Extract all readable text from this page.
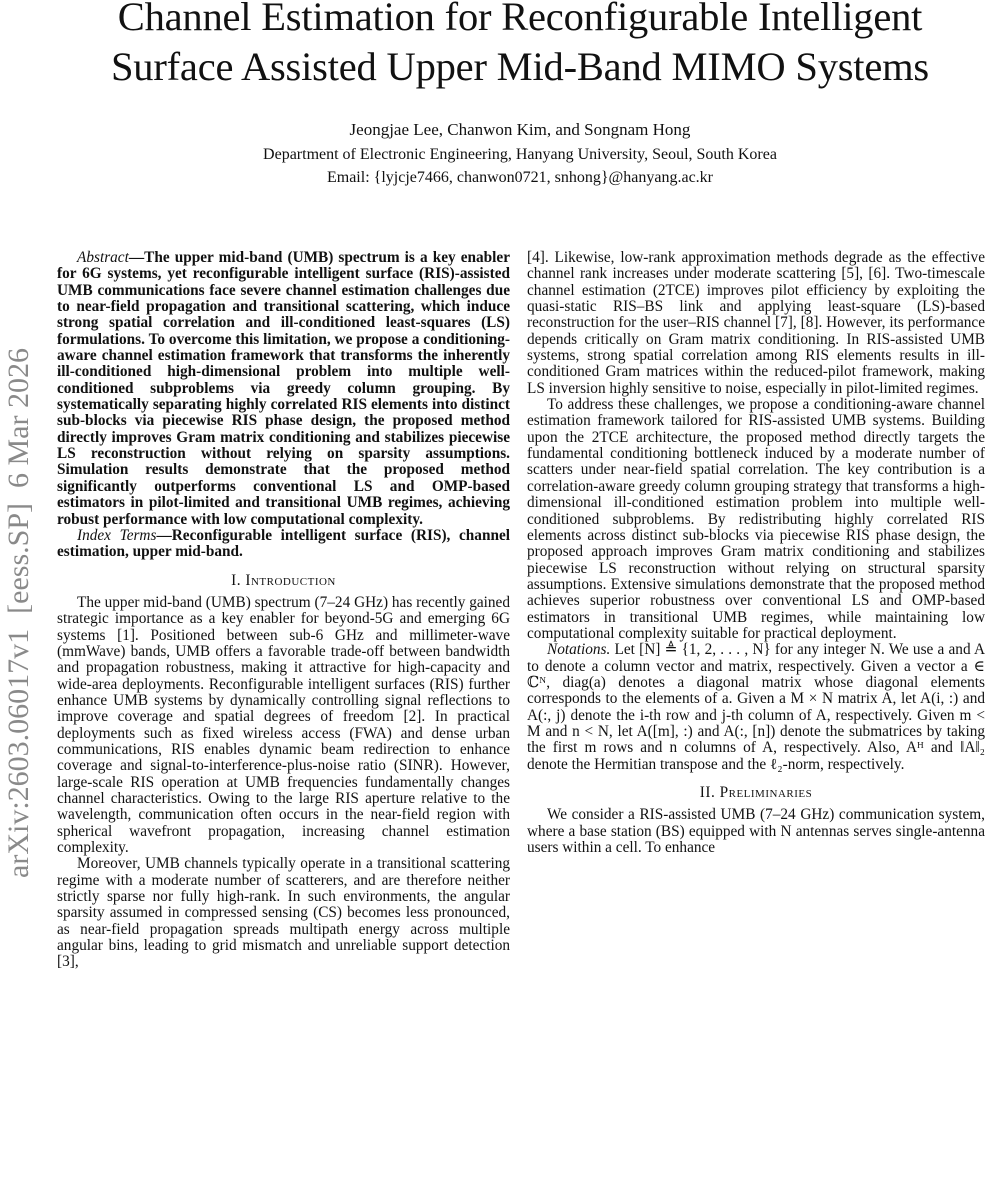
arXiv:2603.06017v1  [eess.SP]  6 Mar 2026
Channel Estimation for Reconfigurable Intelligent
Surface Assisted Upper Mid-Band MIMO Systems
Jeongjae Lee, Chanwon Kim, and Songnam Hong
Department of Electronic Engineering, Hanyang University, Seoul, South Korea
Email: {lyjcje7466, chanwon0721, snhong}@hanyang.ac.kr

Abstract—The upper mid-band (UMB) spectrum is a key enabler for 6G systems, yet reconfigurable intelligent surface (RIS)-assisted UMB communications face severe channel estimation challenges due to near-field propagation and transitional scattering, which induce strong spatial correlation and ill-conditioned least-squares (LS) formulations. To overcome this limitation, we propose a conditioning-aware channel estimation framework that transforms the inherently ill-conditioned high-dimensional problem into multiple well-conditioned subproblems via greedy column grouping. By systematically separating highly correlated RIS elements into distinct sub-blocks via piecewise RIS phase design, the proposed method directly improves Gram matrix conditioning and stabilizes piecewise LS reconstruction without relying on sparsity assumptions. Simulation results demonstrate that the proposed method significantly outperforms conventional LS and OMP-based estimators in pilot-limited and transitional UMB regimes, achieving robust performance with low computational complexity.

Index Terms—Reconfigurable intelligent surface (RIS), channel estimation, upper mid-band.

I. Introduction

The upper mid-band (UMB) spectrum (7–24 GHz) has recently gained strategic importance as a key enabler for beyond-5G and emerging 6G systems [1]. Positioned between sub-6 GHz and millimeter-wave (mmWave) bands, UMB offers a favorable trade-off between bandwidth and propagation robustness, making it attractive for high-capacity and wide-area deployments. Reconfigurable intelligent surfaces (RIS) further enhance UMB systems by dynamically controlling signal reflections to improve coverage and spatial degrees of freedom [2]. In practical deployments such as fixed wireless access (FWA) and dense urban communications, RIS enables dynamic beam redirection to enhance coverage and signal-to-interference-plus-noise ratio (SINR). However, large-scale RIS operation at UMB frequencies fundamentally changes channel characteristics. Owing to the large RIS aperture relative to the wavelength, communication often occurs in the near-field region with spherical wavefront propagation, increasing channel estimation complexity.

Moreover, UMB channels typically operate in a transitional scattering regime with a moderate number of scatterers, and are therefore neither strictly sparse nor fully high-rank. In such environments, the angular sparsity assumed in compressed sensing (CS) becomes less pronounced, as near-field propagation spreads multipath energy across multiple angular bins, leading to grid mismatch and unreliable support detection [3],

[4]. Likewise, low-rank approximation methods degrade as the effective channel rank increases under moderate scattering [5], [6]. Two-timescale channel estimation (2TCE) improves pilot efficiency by exploiting the quasi-static RIS–BS link and applying least-square (LS)-based reconstruction for the user–RIS channel [7], [8]. However, its performance depends critically on Gram matrix conditioning. In RIS-assisted UMB systems, strong spatial correlation among RIS elements results in ill-conditioned Gram matrices within the reduced-pilot framework, making LS inversion highly sensitive to noise, especially in pilot-limited regimes.

To address these challenges, we propose a conditioning-aware channel estimation framework tailored for RIS-assisted UMB systems. Building upon the 2TCE architecture, the proposed method directly targets the fundamental conditioning bottleneck induced by a moderate number of scatters under near-field spatial correlation. The key contribution is a correlation-aware greedy column grouping strategy that transforms a high-dimensional ill-conditioned estimation problem into multiple well-conditioned subproblems. By redistributing highly correlated RIS elements across distinct sub-blocks via piecewise RIS phase design, the proposed approach improves Gram matrix conditioning and stabilizes piecewise LS reconstruction without relying on structural sparsity assumptions. Extensive simulations demonstrate that the proposed method achieves superior robustness over conventional LS and OMP-based estimators in transitional UMB regimes, while maintaining low computational complexity suitable for practical deployment.

Notations. Let [N] ≜ {1, 2, . . . , N} for any integer N. We use a and A to denote a column vector and matrix, respectively. Given a vector a ∈ ℂᴺ, diag(a) denotes a diagonal matrix whose diagonal elements corresponds to the elements of a. Given a M × N matrix A, let A(i, :) and A(:, j) denote the i-th row and j-th column of A, respectively. Given m < M and n < N, let A([m], :) and A(:, [n]) denote the submatrices by taking the first m rows and n columns of A, respectively. Also, Aᴴ and ‖A‖₂ denote the Hermitian transpose and the ℓ₂-norm, respectively.

II. Preliminaries

We consider a RIS-assisted UMB (7–24 GHz) communication system, where a base station (BS) equipped with N antennas serves single-antenna users within a cell. To enhance
